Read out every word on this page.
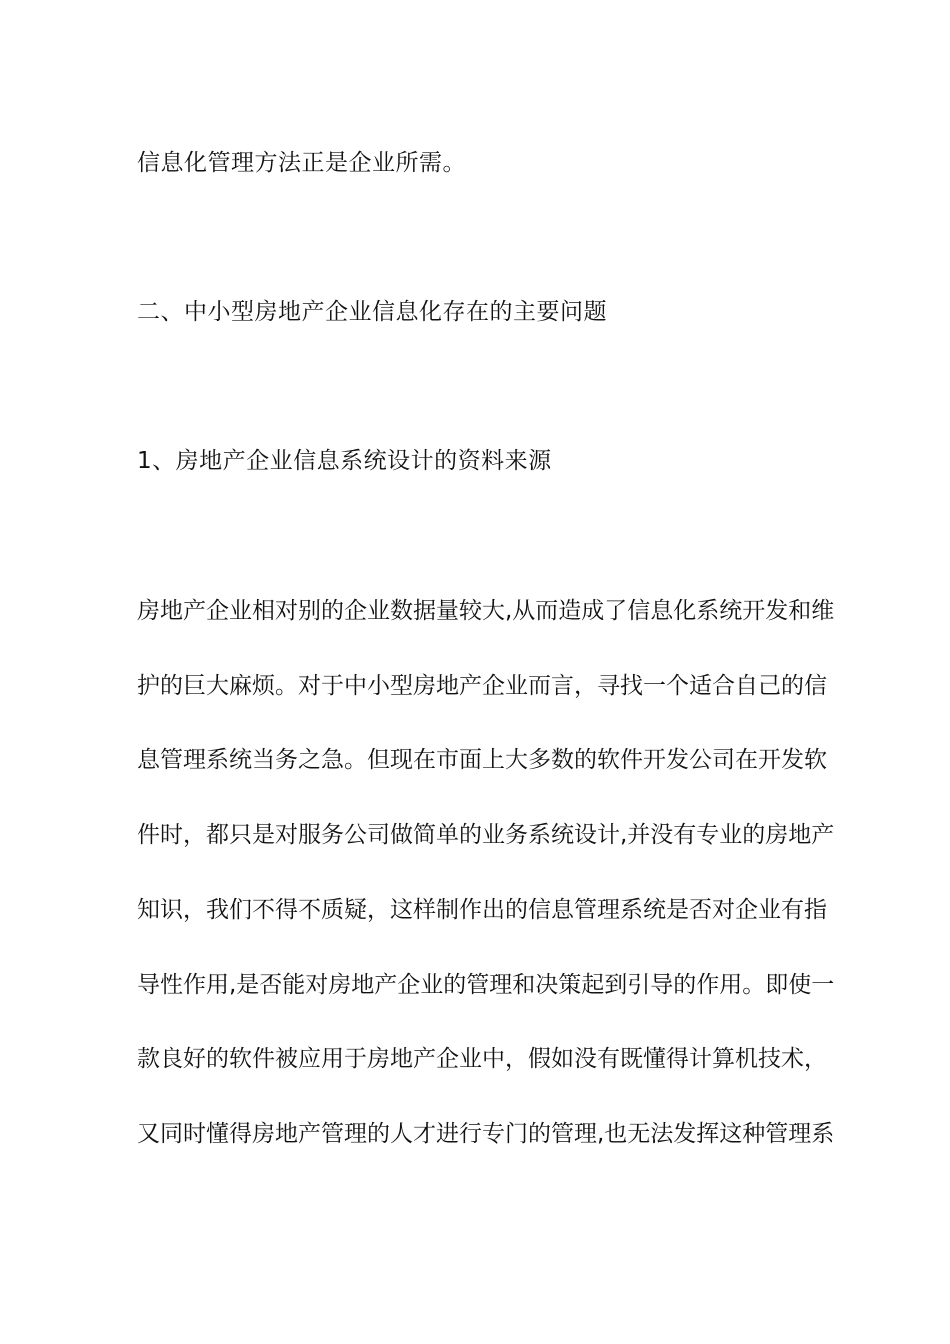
信息化管理方法正是企业所需。
二、中小型房地产企业信息化存在的主要问题
1、房地产企业信息系统设计的资料来源
房地产企业相对别的企业数据量较大,从而造成了信息化系统开发和维
护的巨大麻烦。对于中小型房地产企业而言，寻找一个适合自己的信
息管理系统当务之急。但现在市面上大多数的软件开发公司在开发软
件时，都只是对服务公司做简单的业务系统设计,并没有专业的房地产
知识，我们不得不质疑，这样制作出的信息管理系统是否对企业有指
导性作用,是否能对房地产企业的管理和决策起到引导的作用。即使一
款良好的软件被应用于房地产企业中，假如没有既懂得计算机技术，
又同时懂得房地产管理的人才进行专门的管理,也无法发挥这种管理系
